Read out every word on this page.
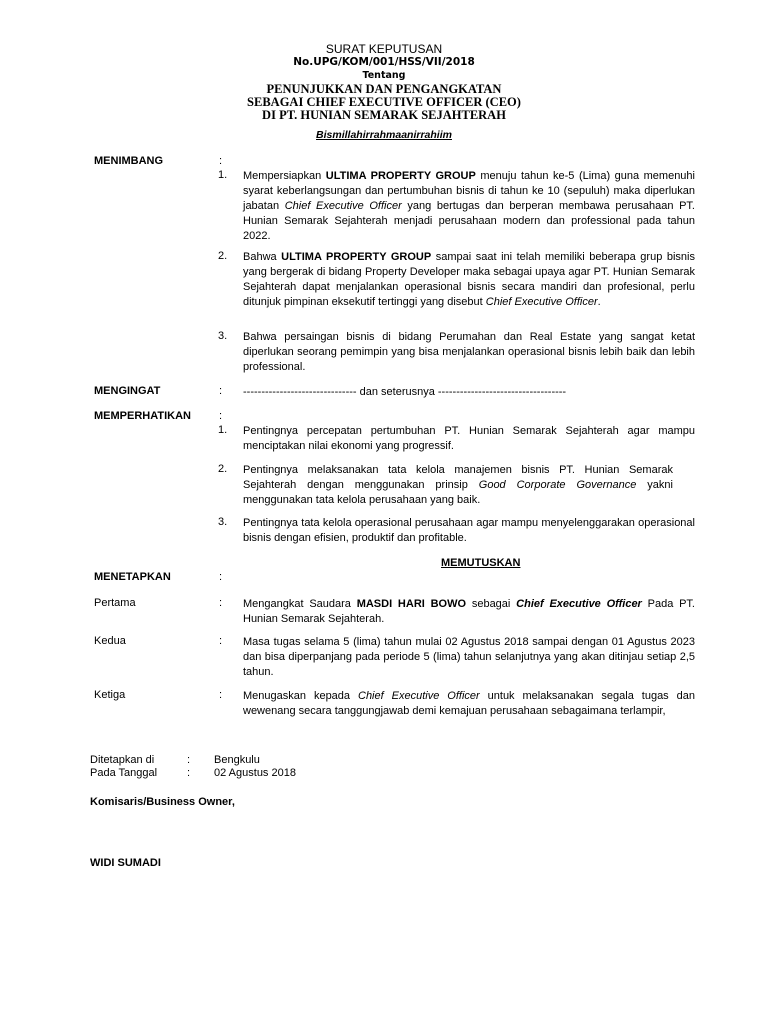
SURAT KEPUTUSAN
No.UPG/KOM/001/HSS/VII/2018
Tentang
PENUNJUKKAN DAN PENGANGKATAN
SEBAGAI CHIEF EXECUTIVE OFFICER (CEO)
DI PT. HUNIAN SEMARAK SEJAHTERAH
Bismillahirrahmaanirrahiim
MENIMBANG	:
1. Mempersiapkan ULTIMA PROPERTY GROUP menuju tahun ke-5 (Lima) guna memenuhi syarat keberlangsungan dan pertumbuhan bisnis di tahun ke 10 (sepuluh) maka diperlukan jabatan Chief Executive Officer yang bertugas dan berperan membawa perusahaan PT. Hunian Semarak Sejahterah menjadi perusahaan modern dan professional pada tahun 2022.
2. Bahwa ULTIMA PROPERTY GROUP sampai saat ini telah memiliki beberapa grup bisnis yang bergerak di bidang Property Developer maka sebagai upaya agar PT. Hunian Semarak Sejahterah dapat menjalankan operasional bisnis secara mandiri dan profesional, perlu ditunjuk pimpinan eksekutif tertinggi yang disebut Chief Executive Officer.
3. Bahwa persaingan bisnis di bidang Perumahan dan Real Estate yang sangat ketat diperlukan seorang pemimpin yang bisa menjalankan operasional bisnis lebih baik dan lebih professional.
MENGINGAT	: ------------------------------- dan seterusnya -----------------------------------
MEMPERHATIKAN	:
1. Pentingnya percepatan pertumbuhan PT. Hunian Semarak Sejahterah agar mampu menciptakan nilai ekonomi yang progressif.
2. Pentingnya melaksanakan tata kelola manajemen bisnis PT. Hunian Semarak Sejahterah dengan menggunakan prinsip Good Corporate Governance yakni menggunakan tata kelola perusahaan yang baik.
3. Pentingnya tata kelola operasional perusahaan agar mampu menyelenggarakan operasional bisnis dengan efisien, produktif dan profitable.
MEMUTUSKAN
MENETAPKAN	:
Pertama	: Mengangkat Saudara MASDI HARI BOWO sebagai Chief Executive Officer Pada PT. Hunian Semarak Sejahterah.
Kedua	: Masa tugas selama 5 (lima) tahun mulai 02 Agustus 2018 sampai dengan 01 Agustus 2023 dan bisa diperpanjang pada periode 5 (lima) tahun selanjutnya yang akan ditinjau setiap 2,5 tahun.
Ketiga	: Menugaskan kepada Chief Executive Officer untuk melaksanakan segala tugas dan wewenang secara tanggungjawab demi kemajuan perusahaan sebagaimana terlampir,
Ditetapkan di	: Bengkulu
Pada Tanggal	: 02 Agustus 2018
Komisaris/Business Owner,
WIDI SUMADI
